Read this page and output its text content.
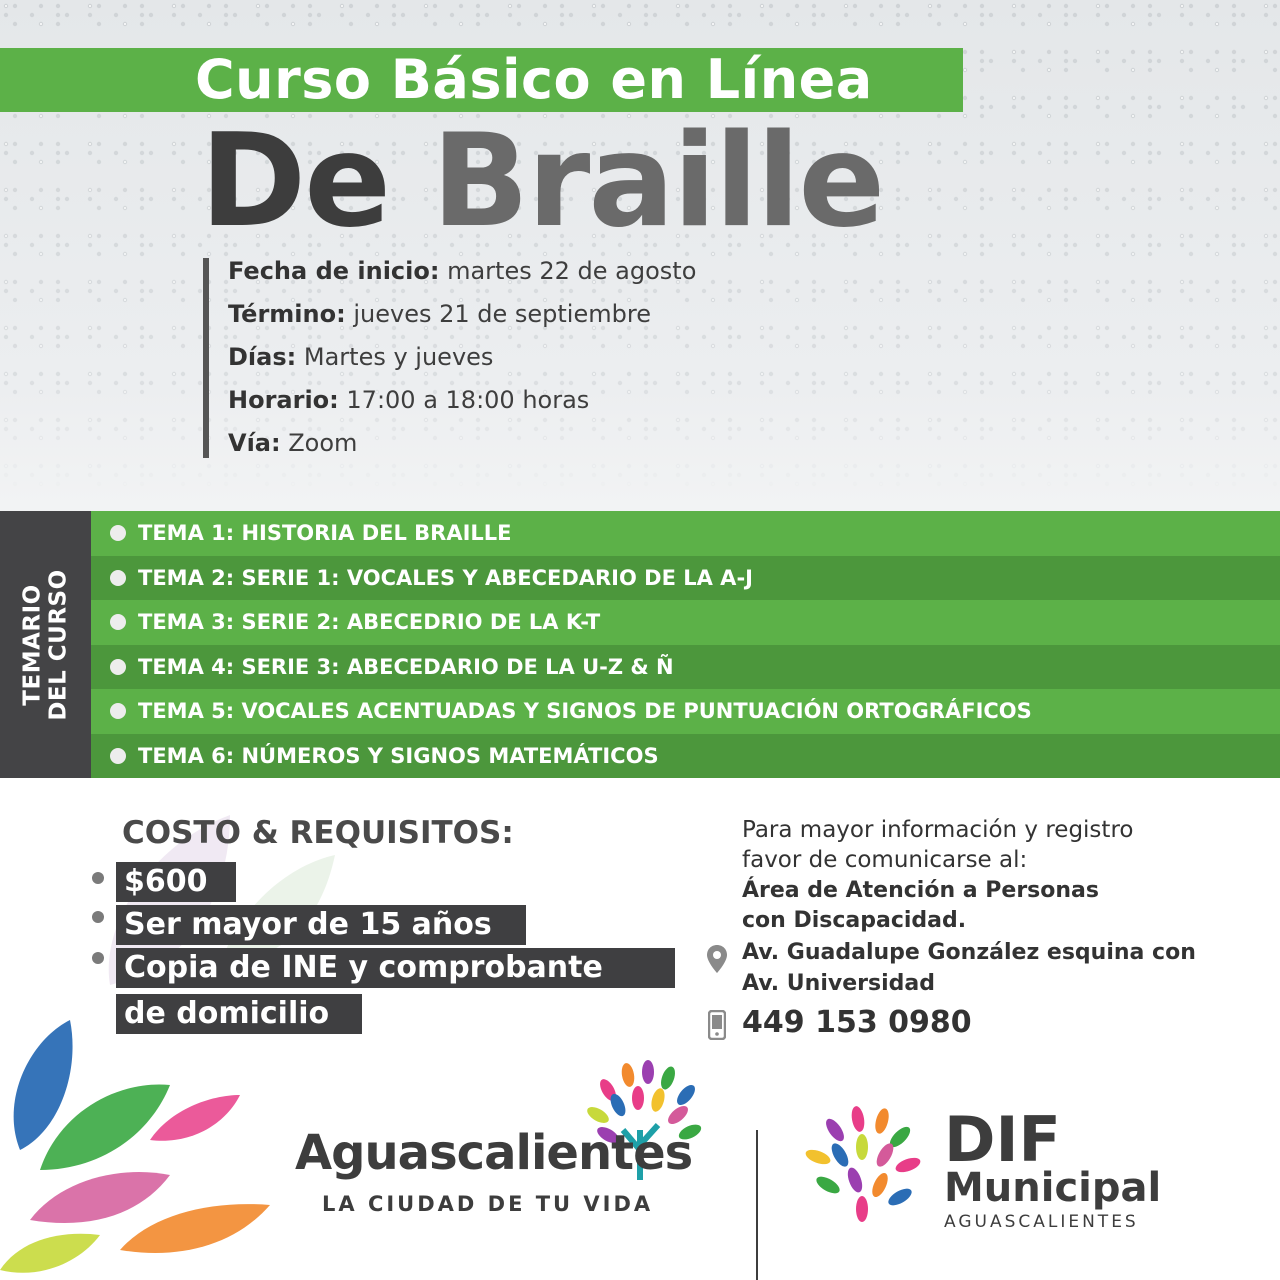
Curso Básico en Línea
De Braille
Fecha de inicio: martes 22 de agosto
Término: jueves 21 de septiembre
Días: Martes y jueves
Horario: 17:00 a 18:00 horas
Vía: Zoom
TEMARIO DEL CURSO
TEMA 1: HISTORIA DEL BRAILLE
TEMA 2: SERIE 1: VOCALES Y ABECEDARIO DE LA A-J
TEMA 3: SERIE 2: ABECEDRIO DE LA K-T
TEMA 4: SERIE 3: ABECEDARIO DE LA U-Z & Ñ
TEMA 5: VOCALES ACENTUADAS Y SIGNOS DE PUNTUACIÓN ORTOGRÁFICOS
TEMA 6: NÚMEROS Y SIGNOS MATEMÁTICOS
COSTO & REQUISITOS:
$600
Ser mayor de 15 años
Copia de INE y comprobante
de domicilio
Para mayor información y registro
favor de comunicarse al:
Área de Atención a Personas
con Discapacidad.
Av. Guadalupe González esquina con
Av. Universidad
449 153 0980
Aguascalientes
LA CIUDAD DE TU VIDA
DIF
Municipal
AGUASCALIENTES
